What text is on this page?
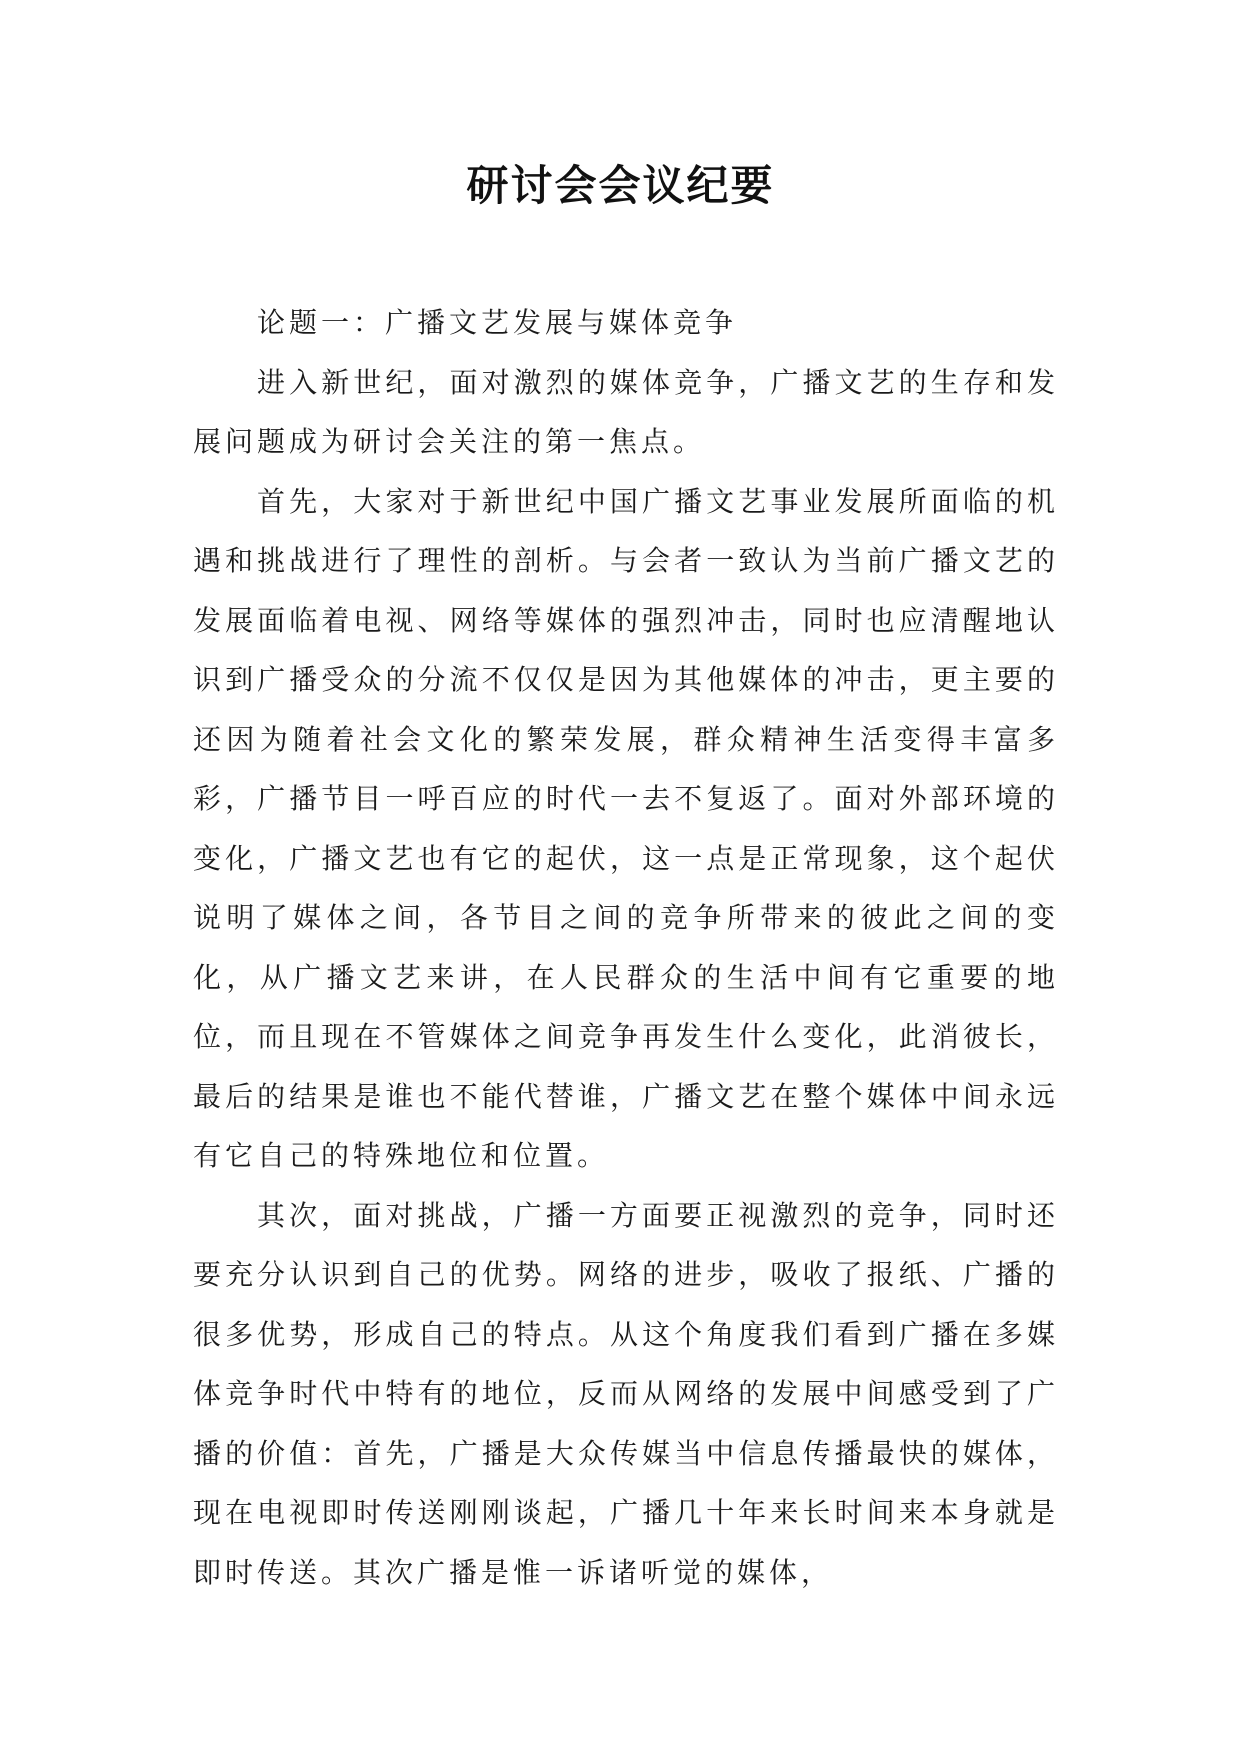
研讨会会议纪要

论题一：广播文艺发展与媒体竞争

进入新世纪，面对激烈的媒体竞争，广播文艺的生存和发展问题成为研讨会关注的第一焦点。

首先，大家对于新世纪中国广播文艺事业发展所面临的机遇和挑战进行了理性的剖析。与会者一致认为当前广播文艺的发展面临着电视、网络等媒体的强烈冲击，同时也应清醒地认识到广播受众的分流不仅仅是因为其他媒体的冲击，更主要的还因为随着社会文化的繁荣发展，群众精神生活变得丰富多彩，广播节目一呼百应的时代一去不复返了。面对外部环境的变化，广播文艺也有它的起伏，这一点是正常现象，这个起伏说明了媒体之间，各节目之间的竞争所带来的彼此之间的变化，从广播文艺来讲，在人民群众的生活中间有它重要的地位，而且现在不管媒体之间竞争再发生什么变化，此消彼长，最后的结果是谁也不能代替谁，广播文艺在整个媒体中间永远有它自己的特殊地位和位置。

其次，面对挑战，广播一方面要正视激烈的竞争，同时还要充分认识到自己的优势。网络的进步，吸收了报纸、广播的很多优势，形成自己的特点。从这个角度我们看到广播在多媒体竞争时代中特有的地位，反而从网络的发展中间感受到了广播的价值：首先，广播是大众传媒当中信息传播最快的媒体，现在电视即时传送刚刚谈起，广播几十年来长时间来本身就是即时传送。其次广播是惟一诉诸听觉的媒体，
